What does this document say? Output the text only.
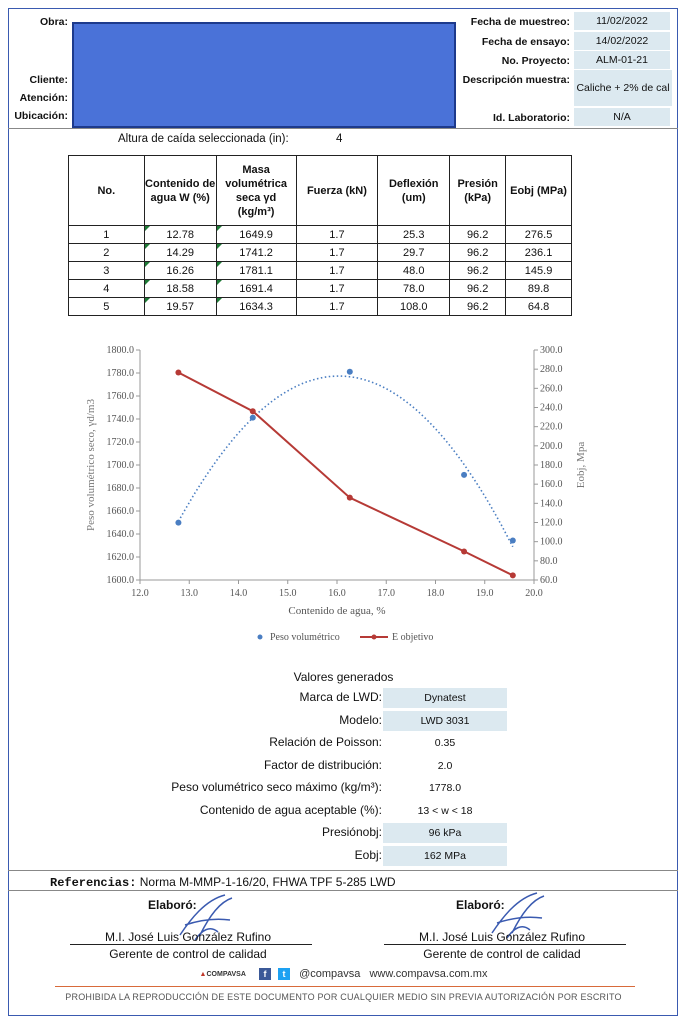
Obra:
Cliente:
Atención:
Ubicación:
Fecha de muestreo:	11/02/2022
Fecha de ensayo:	14/02/2022
No. Proyecto:	ALM-01-21
Descripción muestra:
Caliche + 2% de cal
Id. Laboratorio:	N/A
Altura de caída seleccionada (in):	4
No.	Contenido de agua W (%)	Masa volumétrica seca γd (kg/m³)	Fuerza (kN)	Deflexión (um)	Presión (kPa)	Eobj (MPa)
1	12.78	1649.9	1.7	25.3	96.2	276.5
2	14.29	1741.2	1.7	29.7	96.2	236.1
3	16.26	1781.1	1.7	48.0	96.2	145.9
4	18.58	1691.4	1.7	78.0	96.2	89.8
5	19.57	1634.3	1.7	108.0	96.2	64.8
12.0	13.0	14.0	15.0	16.0	17.0	18.0	19.0	20.0
1600.0
1620.0
1640.0
1660.0
1680.0
1700.0
1720.0
1740.0
1760.0
1780.0
1800.0
60.0
80.0
100.0
120.0
140.0
160.0
180.0
200.0
220.0
240.0
260.0
280.0
300.0
Contenido de agua, %
Peso volumétrico seco, γd/m3	Eobj, Mpa
Peso volumétrico	E objetivo
Valores generados
Marca de LWD:	Dynatest
Modelo:	LWD 3031
Relación de Poisson:	0.35
Factor de distribución:	2.0
Peso volumétrico seco máximo (kg/m³):	1778.0
Contenido de agua aceptable (%):	13 < w < 18
Presiónobj:	96 kPa
Eobj:	162 MPa
Referencias: Norma M-MMP-1-16/20, FHWA TPF 5-285 LWD
Elaboró:
M.I. José Luis González Rufino
Gerente de control de calidad
Elaboró:
M.I. José Luis González Rufino
Gerente de control de calidad
▲COMPAVSA f t @compavsa www.compavsa.com.mx
PROHIBIDA LA REPRODUCCIÓN DE ESTE DOCUMENTO POR CUALQUIER MEDIO SIN PREVIA AUTORIZACIÓN POR ESCRITO
